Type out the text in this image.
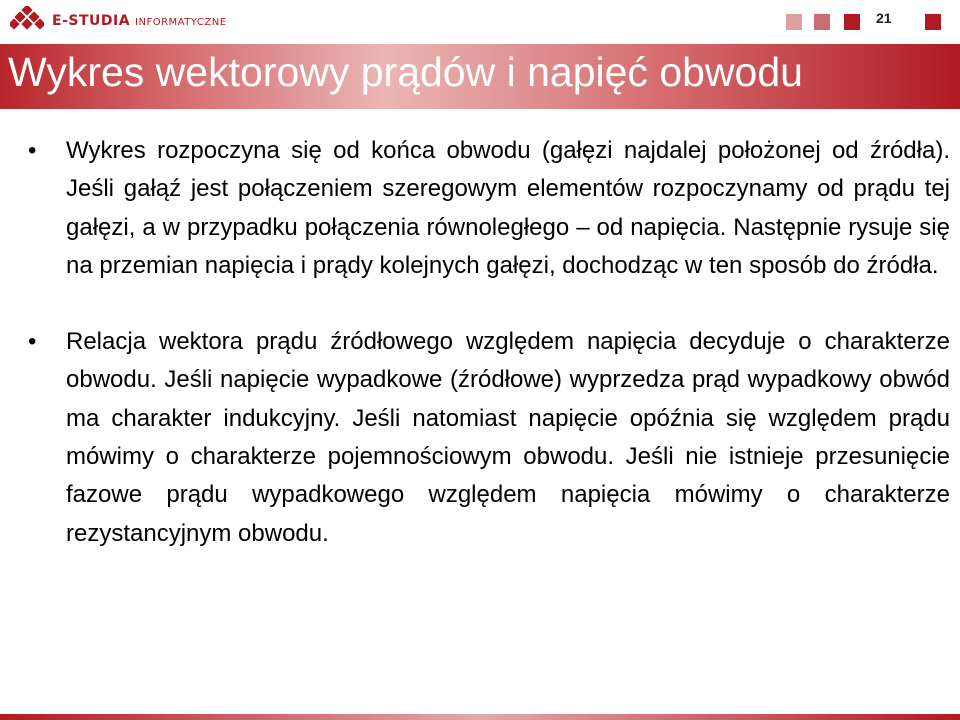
E-STUDIA INFORMATYCZNE	21
Wykres wektorowy prądów i napięć obwodu
• Wykres rozpoczyna się od końca obwodu (gałęzi najdalej położonej od źródła). Jeśli gałąź jest połączeniem szeregowym elementów rozpoczynamy od prądu tej gałęzi, a w przypadku połączenia równoległego – od napięcia. Następnie rysuje się na przemian napięcia i prądy kolejnych gałęzi, dochodząc w ten sposób do źródła.
• Relacja wektora prądu źródłowego względem napięcia decyduje o charakterze obwodu. Jeśli napięcie wypadkowe (źródłowe) wyprzedza prąd wypadkowy obwód ma charakter indukcyjny. Jeśli natomiast napięcie opóźnia się względem prądu mówimy o charakterze pojemnościowym obwodu. Jeśli nie istnieje przesunięcie fazowe prądu wypadkowego względem napięcia mówimy o charakterze rezystancyjnym obwodu.
